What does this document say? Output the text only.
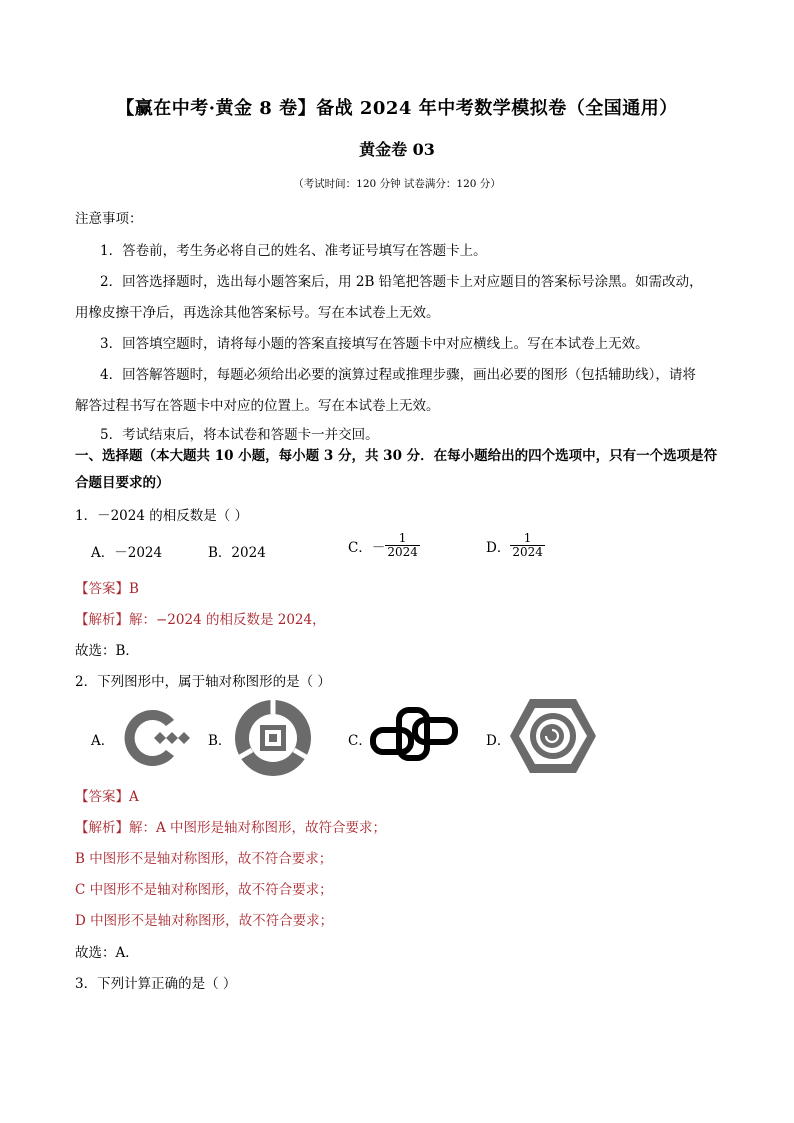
【赢在中考·黄金 8 卷】备战 2024 年中考数学模拟卷（全国通用）
黄金卷 03
（考试时间：120 分钟 试卷满分：120 分）
注意事项：
1．答卷前，考生务必将自己的姓名、准考证号填写在答题卡上。
2．回答选择题时，选出每小题答案后，用 2B 铅笔把答题卡上对应题目的答案标号涂黑。如需改动，
用橡皮擦干净后，再选涂其他答案标号。写在本试卷上无效。
3．回答填空题时，请将每小题的答案直接填写在答题卡中对应横线上。写在本试卷上无效。
4．回答解答题时，每题必须给出必要的演算过程或推理步骤，画出必要的图形（包括辅助线），请将
解答过程书写在答题卡中对应的位置上。写在本试卷上无效。
5．考试结束后，将本试卷和答题卡一并交回。
一、选择题（本大题共 10 小题，每小题 3 分，共 30 分．在每小题给出的四个选项中，只有一个选项是符
合题目要求的）
1．－2024 的相反数是（ ）
A．－2024	B．2024	C．－ $\frac{1}{2024}$	D． $\frac{1}{2024}$
【答案】B
【解析】解：−2024 的相反数是 2024，
故选：B．
2．下列图形中，属于轴对称图形的是（ ）
A．	B．	C．	D．
【答案】A
【解析】解：A 中图形是轴对称图形，故符合要求；
B 中图形不是轴对称图形，故不符合要求；
C 中图形不是轴对称图形，故不符合要求；
D 中图形不是轴对称图形，故不符合要求；
故选：A．
3．下列计算正确的是（ ）
